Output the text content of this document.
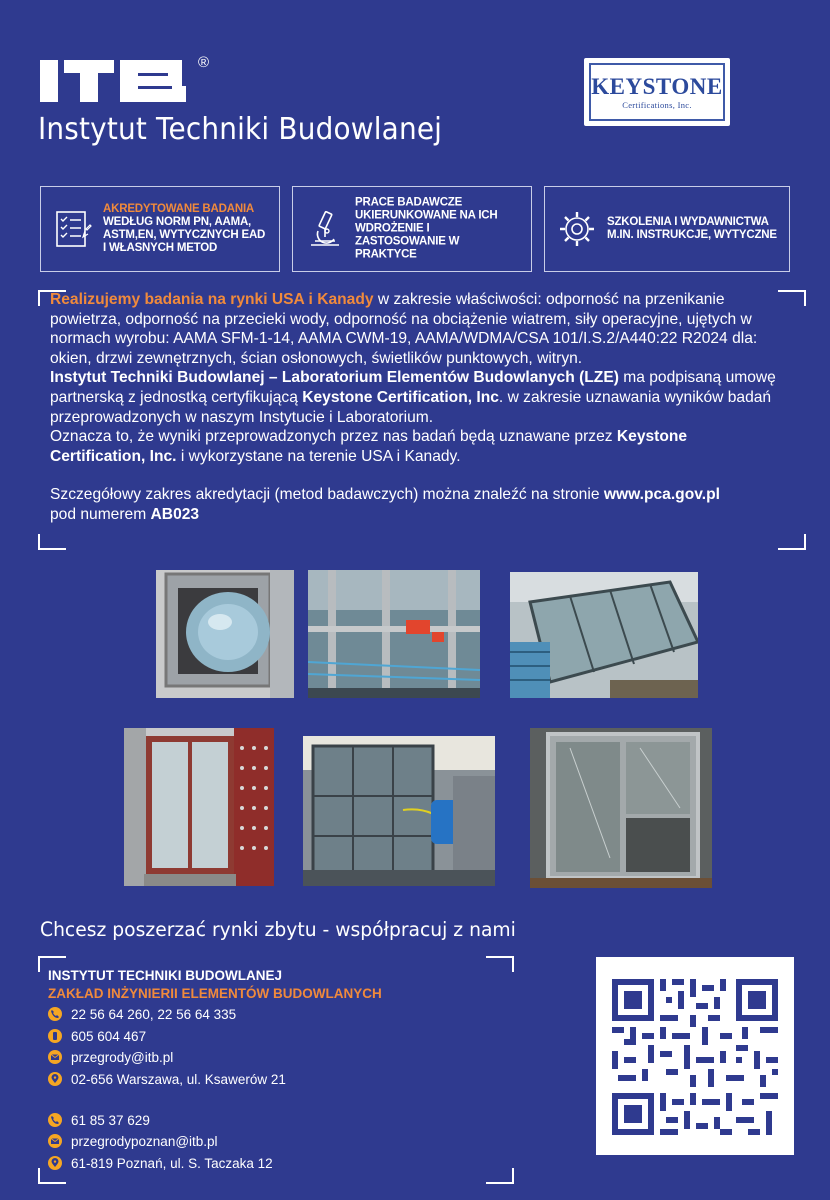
®
Instytut Techniki Budowlanej
KEYSTONE
Certifications, Inc.
AKREDYTOWANE BADANIA
WEDŁUG NORM PN, AAMA, ASTM,EN, WYTYCZNYCH EAD I WŁASNYCH METOD
PRACE BADAWCZE UKIERUNKOWANE NA ICH WDROŻENIE I ZASTOSOWANIE W PRAKTYCE
SZKOLENIA I WYDAWNICTWA M.IN. INSTRUKCJE, WYTYCZNE

Realizujemy badania na rynki USA i Kanady w zakresie właściwości: odporność na przenikanie powietrza, odporność na przecieki wody, odporność na obciążenie wiatrem, siły operacyjne, ujętych w normach wyrobu: AAMA SFM-1-14, AAMA CWM-19, AAMA/WDMA/CSA 101/I.S.2/A440:22 R2024 dla: okien, drzwi zewnętrznych, ścian osłonowych, świetlików punktowych, witryn.

Instytut Techniki Budowlanej – Laboratorium Elementów Budowlanych (LZE) ma podpisaną umowę partnerską z jednostką certyfikującą Keystone Certification, Inc. w zakresie uznawania wyników badań przeprowadzonych w naszym Instytucie i Laboratorium.

Oznacza to, że wyniki przeprowadzonych przez nas badań będą uznawane przez Keystone Certification, Inc. i wykorzystane na terenie USA i Kanady.

Szczegółowy zakres akredytacji (metod badawczych) można znaleźć na stronie www.pca.gov.pl
pod numerem AB023

Chcesz poszerzać rynki zbytu - współpracuj z nami
INSTYTUT TECHNIKI BUDOWLANEJ
ZAKŁAD INŻYNIERII ELEMENTÓW BUDOWLANYCH
22 56 64 260, 22 56 64 335
605 604 467
przegrody@itb.pl
02-656 Warszawa, ul. Ksawerów 21
61 85 37 629
przegrodypoznan@itb.pl
61-819 Poznań, ul. S. Taczaka 12
